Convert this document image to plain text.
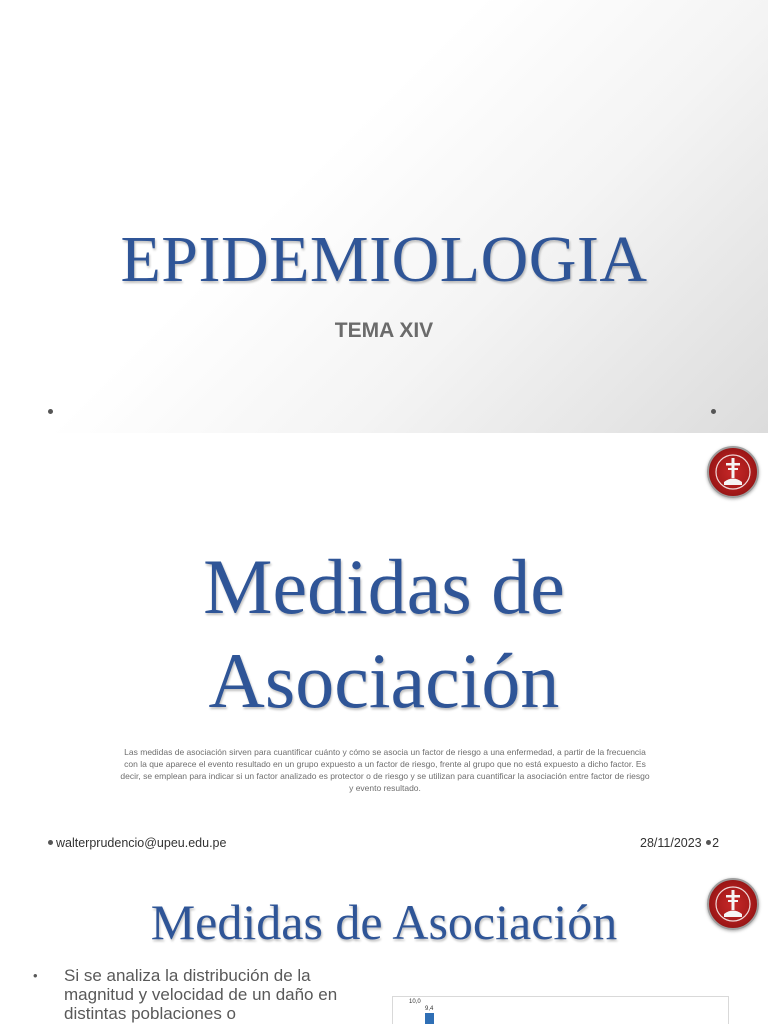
EPIDEMIOLOGIA
TEMA XIV
Medidas de
Asociación
Las medidas de asociación sirven para cuantificar cuánto y cómo se asocia un factor de riesgo a una enfermedad, a partir de la frecuencia con la que aparece el evento resultado en un grupo expuesto a un factor de riesgo, frente al grupo que no está expuesto a dicho factor. Es decir, se emplean para indicar si un factor analizado es protector o de riesgo y se utilizan para cuantificar la asociación entre factor de riesgo y evento resultado.
walterprudencio@upeu.edu.pe	28/11/2023 2
Medidas de Asociación
•	Si se analiza la distribución de la magnitud y velocidad de un daño en distintas poblaciones o
10,0
9,4
